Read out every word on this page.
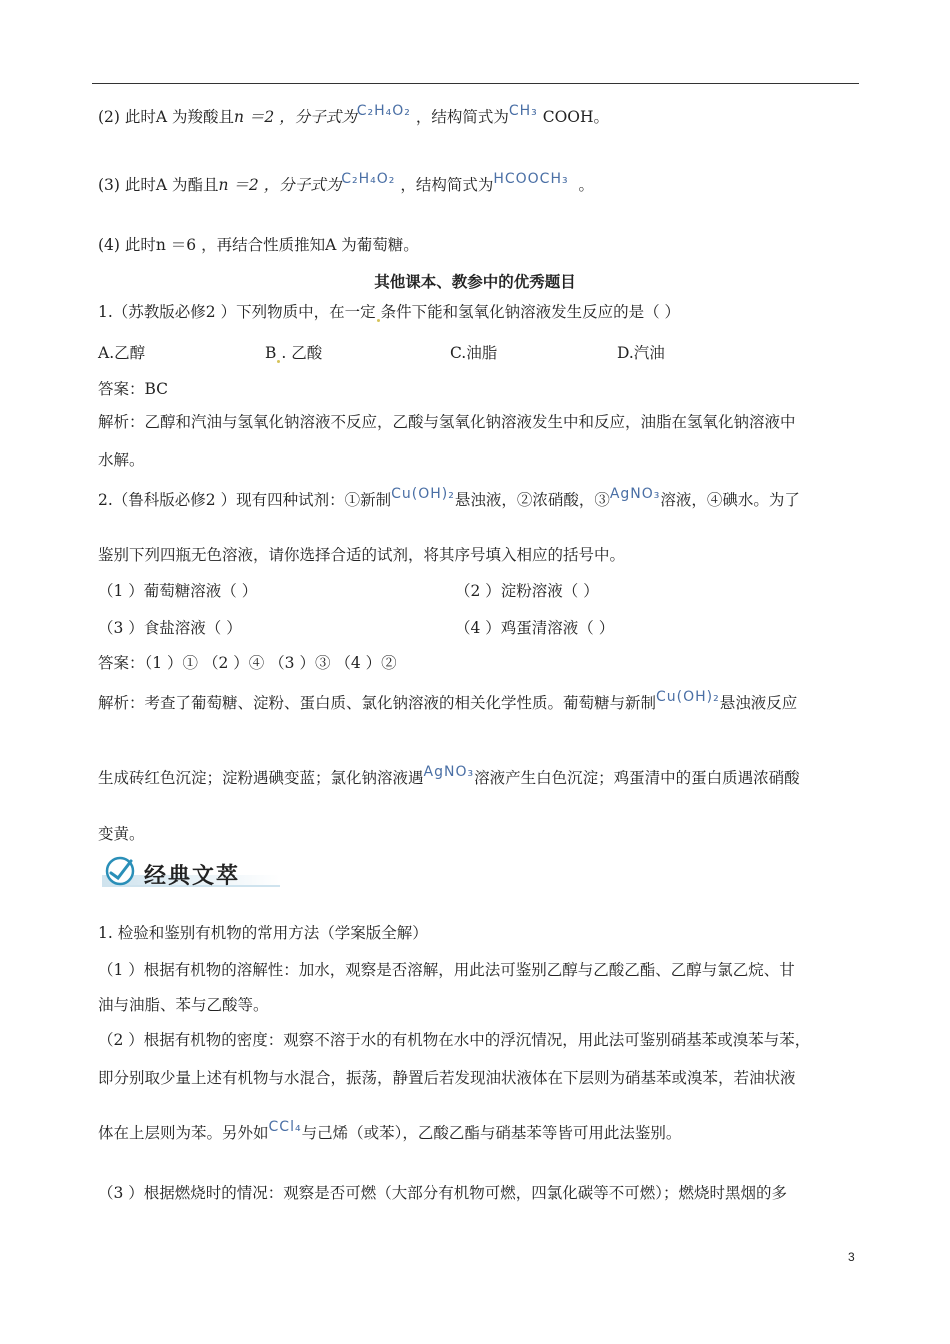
(2) 此时A 为羧酸且n ＝2 ，分子式为C₂H₄O₂ ，结构简式为CH₃ COOH。
(3) 此时A 为酯且n ＝2 ，分子式为C₂H₄O₂ ，结构简式为HCOOCH₃ 。
(4) 此时n ＝6 ，再结合性质推知A 为葡萄糖。
其他课本、教参中的优秀题目
1.（苏教版必修2 ）下列物质中，在一定 条件下能和氢氧化钠溶液发生反应的是（ ）
A.乙醇	B . 乙酸	C.油脂	D.汽油
答案：BC
解析：乙醇和汽油与氢氧化钠溶液不反应，乙酸与氢氧化钠溶液发生中和反应，油脂在氢氧化钠溶液中
水解。
2.（鲁科版必修2 ）现有四种试剂：①新制Cu(OH)₂悬浊液，②浓硝酸，③AgNO₃溶液，④碘水。为了
鉴别下列四瓶无色溶液，请你选择合适的试剂，将其序号填入相应的括号中。
（1 ）葡萄糖溶液（ ）	（2 ）淀粉溶液（ ）
（3 ）食盐溶液（ ）	（4 ）鸡蛋清溶液（ ）
答案：（1 ）① （2 ）④ （3 ）③ （4 ）②
解析：考查了葡萄糖、淀粉、蛋白质、氯化钠溶液的相关化学性质。葡萄糖与新制Cu(OH)₂悬浊液反应
生成砖红色沉淀；淀粉遇碘变蓝；氯化钠溶液遇AgNO₃溶液产生白色沉淀；鸡蛋清中的蛋白质遇浓硝酸
变黄。
经典文萃
1. 检验和鉴别有机物的常用方法（学案版全解）
（1 ）根据有机物的溶解性：加水，观察是否溶解，用此法可鉴别乙醇与乙酸乙酯、乙醇与氯乙烷、甘
油与油脂、苯与乙酸等。
（2 ）根据有机物的密度：观察不溶于水的有机物在水中的浮沉情况，用此法可鉴别硝基苯或溴苯与苯，
即分别取少量上述有机物与水混合，振荡，静置后若发现油状液体在下层则为硝基苯或溴苯，若油状液
体在上层则为苯。另外如CCl₄与己烯（或苯），乙酸乙酯与硝基苯等皆可用此法鉴别。
（3 ）根据燃烧时的情况：观察是否可燃（大部分有机物可燃，四氯化碳等不可燃）；燃烧时黑烟的多
3
